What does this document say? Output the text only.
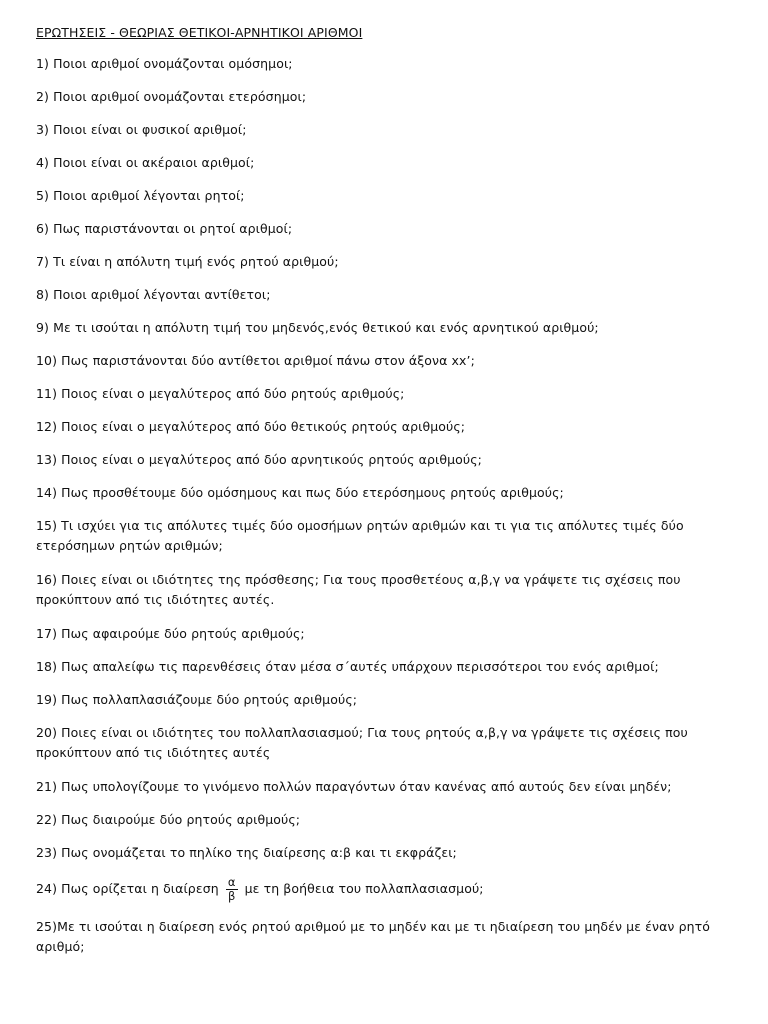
ΕΡΩΤΗΣΕΙΣ - ΘΕΩΡΙΑΣ ΘΕΤΙΚΟΙ-ΑΡΝΗΤΙΚΟΙ ΑΡΙΘΜΟΙ
1) Ποιοι αριθμοί ονομάζονται ομόσημοι;
2) Ποιοι αριθμοί ονομάζονται ετερόσημοι;
3) Ποιοι είναι οι φυσικοί αριθμοί;
4) Ποιοι είναι οι ακέραιοι αριθμοί;
5) Ποιοι αριθμοί λέγονται ρητοί;
6) Πως παριστάνονται οι ρητοί αριθμοί;
7) Τι είναι η απόλυτη τιμή ενός ρητού αριθμού;
8) Ποιοι αριθμοί λέγονται αντίθετοι;
9) Με τι ισούται η απόλυτη τιμή του μηδενός,ενός θετικού και ενός αρνητικού αριθμού;
10) Πως παριστάνονται δύο αντίθετοι αριθμοί πάνω στον άξονα xx’;
11) Ποιος είναι ο μεγαλύτερος από δύο ρητούς αριθμούς;
12) Ποιος είναι ο μεγαλύτερος από δύο θετικούς ρητούς αριθμούς;
13) Ποιος είναι ο μεγαλύτερος από δύο αρνητικούς ρητούς αριθμούς;
14) Πως προσθέτουμε δύο ομόσημους και πως δύο ετερόσημους ρητούς αριθμούς;
15) Τι ισχύει για τις απόλυτες τιμές δύο ομοσήμων ρητών αριθμών και τι για τις απόλυτες τιμές δύο ετερόσημων ρητών αριθμών;
16) Ποιες είναι οι ιδιότητες της πρόσθεσης; Για τους προσθετέους α,β,γ να γράψετε τις σχέσεις που προκύπτουν από τις ιδιότητες αυτές.
17) Πως αφαιρούμε δύο ρητούς αριθμούς;
18) Πως απαλείφω τις παρενθέσεις όταν μέσα σ΄αυτές υπάρχουν περισσότεροι του ενός αριθμοί;
19) Πως πολλαπλασιάζουμε δύο ρητούς αριθμούς;
20) Ποιες είναι οι ιδιότητες του πολλαπλασιασμού; Για τους ρητούς α,β,γ να γράψετε τις σχέσεις που προκύπτουν από τις ιδιότητες αυτές
21) Πως υπολογίζουμε το γινόμενο πολλών παραγόντων όταν κανένας από αυτούς δεν είναι μηδέν;
22) Πως διαιρούμε δύο ρητούς αριθμούς;
23) Πως ονομάζεται το πηλίκο της διαίρεσης α:β και τι εκφράζει;
24) Πως ορίζεται η διαίρεση $\frac{\alpha}{\beta}$ με τη βοήθεια του πολλαπλασιασμού;
25)Με τι ισούται η διαίρεση ενός ρητού αριθμού με το μηδέν και με τι ηδιαίρεση του μηδέν με έναν ρητό αριθμό;
